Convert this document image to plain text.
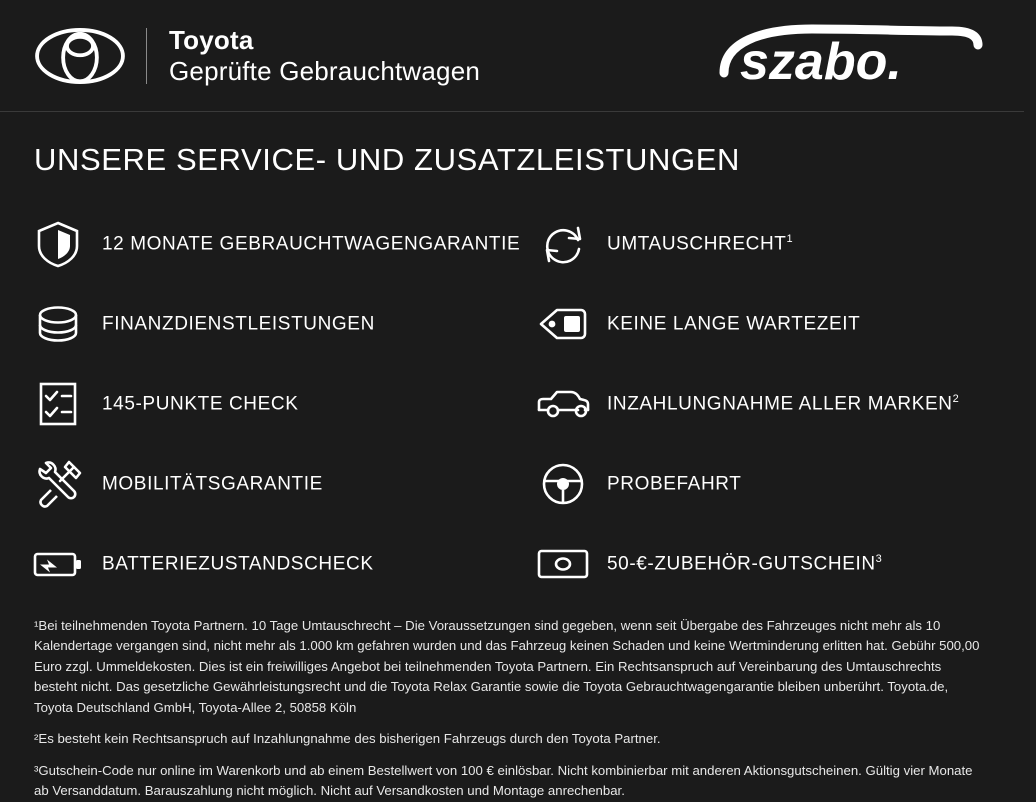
Toyota
Geprüfte Gebrauchtwagen	szabo.
UNSERE SERVICE- UND ZUSATZLEISTUNGEN
12 MONATE GEBRAUCHTWAGENGARANTIE	UMTAUSCHRECHT$^1$
FINANZDIENSTLEISTUNGEN	KEINE LANGE WARTEZEIT
145-PUNKTE CHECK	INZAHLUNGNAHME ALLER MARKEN$^2$
MOBILITÄTSGARANTIE	PROBEFAHRT
BATTERIEZUSTANDSCHECK	50-€-ZUBEHÖR-GUTSCHEIN$^3$

¹Bei teilnehmenden Toyota Partnern. 10 Tage Umtauschrecht – Die Voraussetzungen sind gegeben, wenn seit Übergabe des Fahrzeuges nicht mehr als 10 Kalendertage vergangen sind, nicht mehr als 1.000 km gefahren wurden und das Fahrzeug keinen Schaden und keine Wertminderung erlitten hat. Gebühr 500,00 Euro zzgl. Ummeldekosten. Dies ist ein freiwilliges Angebot bei teilnehmenden Toyota Partnern. Ein Rechtsanspruch auf Vereinbarung des Umtauschrechts besteht nicht. Das gesetzliche Gewährleistungsrecht und die Toyota Relax Garantie sowie die Toyota Gebrauchtwagengarantie bleiben unberührt. Toyota.de, Toyota Deutschland GmbH, Toyota-Allee 2, 50858 Köln

²Es besteht kein Rechtsanspruch auf Inzahlungnahme des bisherigen Fahrzeugs durch den Toyota Partner.

³Gutschein-Code nur online im Warenkorb und ab einem Bestellwert von 100 € einlösbar. Nicht kombinierbar mit anderen Aktionsgutscheinen. Gültig vier Monate ab Versanddatum. Barauszahlung nicht möglich. Nicht auf Versandkosten und Montage anrechenbar.
